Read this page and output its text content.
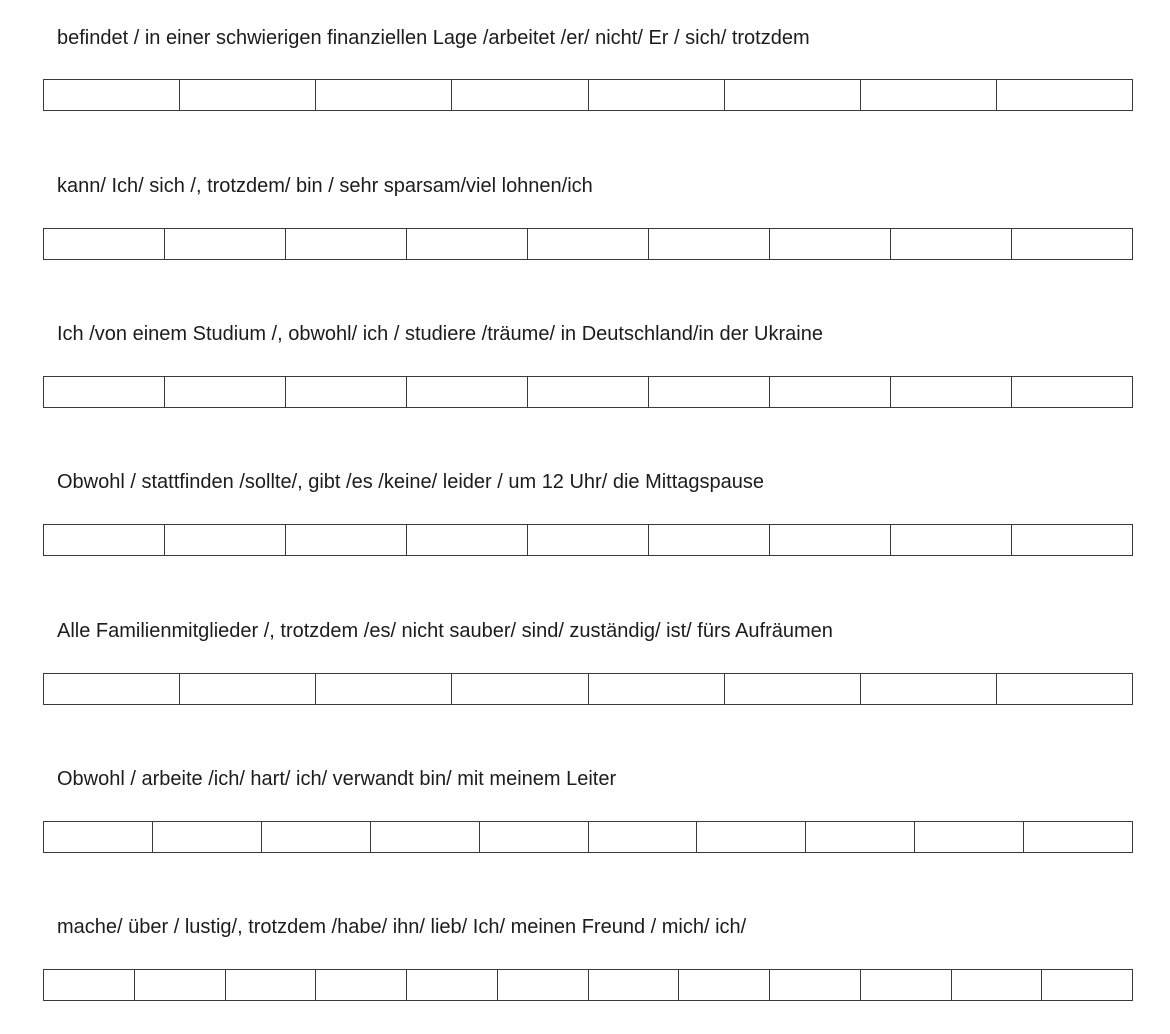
befindet / in einer schwierigen finanziellen Lage /arbeitet /er/ nicht/ Er / sich/ trotzdem
kann/ Ich/ sich /, trotzdem/ bin / sehr sparsam/viel lohnen/ich
Ich /von einem Studium /, obwohl/ ich / studiere /träume/ in Deutschland/in der Ukraine
Obwohl / stattfinden /sollte/, gibt /es /keine/ leider / um 12 Uhr/ die Mittagspause
Alle Familienmitglieder /, trotzdem /es/ nicht sauber/ sind/ zuständig/ ist/ fürs Aufräumen
Obwohl / arbeite /ich/ hart/ ich/ verwandt bin/ mit meinem Leiter
mache/ über / lustig/, trotzdem /habe/ ihn/ lieb/ Ich/ meinen Freund / mich/ ich/
